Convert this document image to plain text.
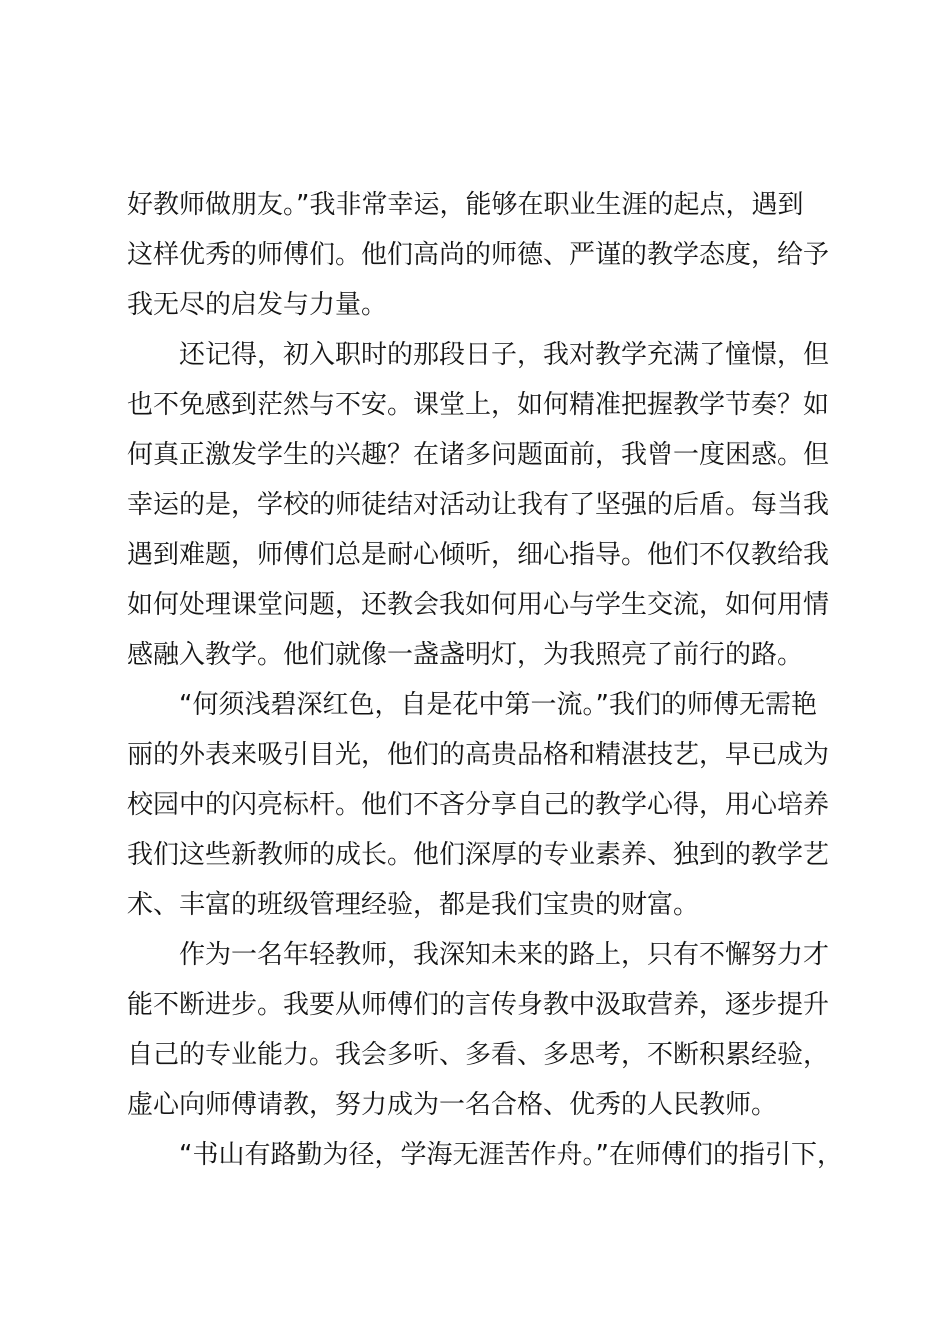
好教师做朋友。”我非常幸运，能够在职业生涯的起点，遇到
这样优秀的师傅们。他们高尚的师德、严谨的教学态度，给予
我无尽的启发与力量。
还记得，初入职时的那段日子，我对教学充满了憧憬，但
也不免感到茫然与不安。课堂上，如何精准把握教学节奏？如
何真正激发学生的兴趣？在诸多问题面前，我曾一度困惑。但
幸运的是，学校的师徒结对活动让我有了坚强的后盾。每当我
遇到难题，师傅们总是耐心倾听，细心指导。他们不仅教给我
如何处理课堂问题，还教会我如何用心与学生交流，如何用情
感融入教学。他们就像一盏盏明灯，为我照亮了前行的路。
“何须浅碧深红色，自是花中第一流。”我们的师傅无需艳
丽的外表来吸引目光，他们的高贵品格和精湛技艺，早已成为
校园中的闪亮标杆。他们不吝分享自己的教学心得，用心培养
我们这些新教师的成长。他们深厚的专业素养、独到的教学艺
术、丰富的班级管理经验，都是我们宝贵的财富。
作为一名年轻教师，我深知未来的路上，只有不懈努力才
能不断进步。我要从师傅们的言传身教中汲取营养，逐步提升
自己的专业能力。我会多听、多看、多思考，不断积累经验，
虚心向师傅请教，努力成为一名合格、优秀的人民教师。
“书山有路勤为径，学海无涯苦作舟。”在师傅们的指引下，
